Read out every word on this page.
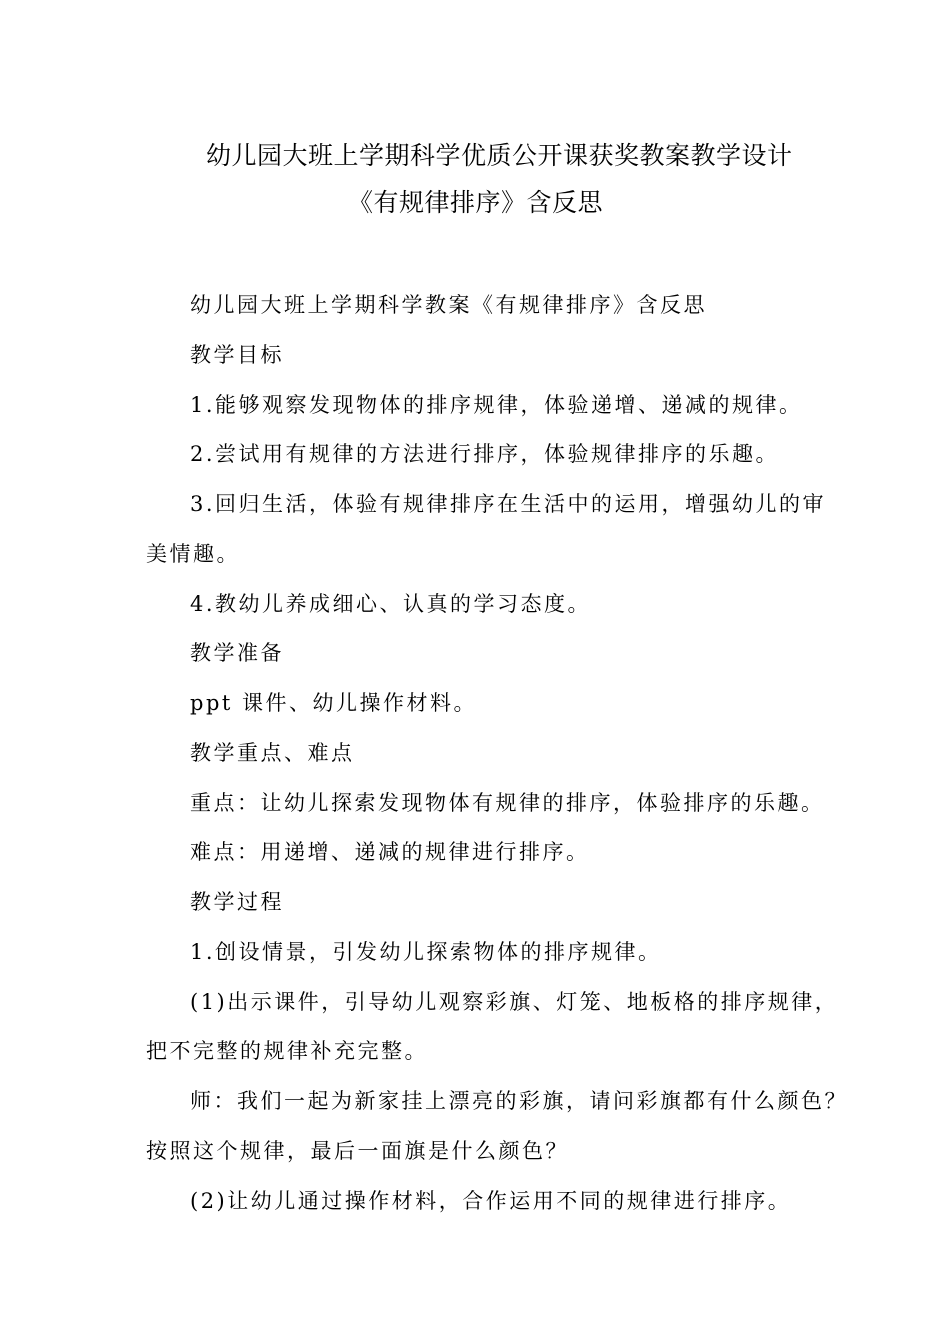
幼儿园大班上学期科学优质公开课获奖教案教学设计
《有规律排序》含反思
幼儿园大班上学期科学教案《有规律排序》含反思
教学目标
1.能够观察发现物体的排序规律，体验递增、递减的规律。
2.尝试用有规律的方法进行排序，体验规律排序的乐趣。
3.回归生活，体验有规律排序在生活中的运用，增强幼儿的审
美情趣。
4.教幼儿养成细心、认真的学习态度。
教学准备
ppt 课件、幼儿操作材料。
教学重点、难点
重点：让幼儿探索发现物体有规律的排序，体验排序的乐趣。
难点：用递增、递减的规律进行排序。
教学过程
1.创设情景，引发幼儿探索物体的排序规律。
(1)出示课件，引导幼儿观察彩旗、灯笼、地板格的排序规律，
把不完整的规律补充完整。
师：我们一起为新家挂上漂亮的彩旗，请问彩旗都有什么颜色？
按照这个规律，最后一面旗是什么颜色？
(2)让幼儿通过操作材料，合作运用不同的规律进行排序。
